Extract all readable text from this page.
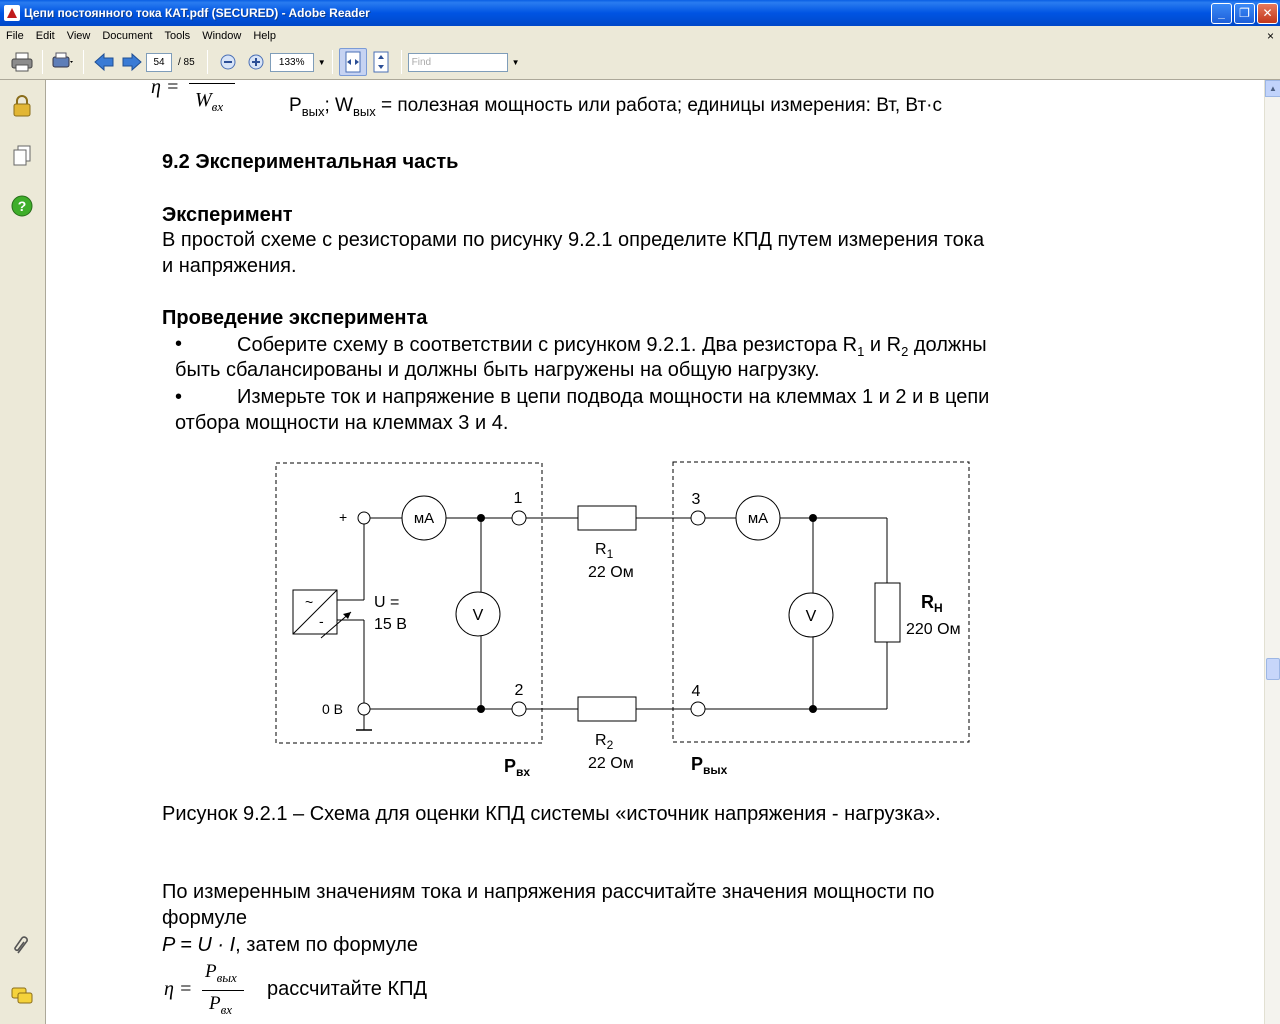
Цепи постоянного тока КАТ.pdf (SECURED) - Adobe Reader	_	❐	✕
File	Edit	View	Document	Tools	Window	Help	×
54	/ 85	133%	▼	Find	▼
?
η =
$W_{вх}$	$P_{вых}$; $W_{вых}$ = полезная мощность или работа; единицы измерения: Вт, Вт·с
9.2 Экспериментальная часть
Эксперимент
В простой схеме с резисторами по рисунку 9.2.1 определите КПД путем измерения тока
и напряжения.
Проведение эксперимента
•	Соберите схему в соответствии с рисунком 9.2.1. Два резистора $R_1$ и $R_2$ должны
быть сбалансированы и должны быть нагружены на общую нагрузку.
•	Измерьте ток и напряжение в цепи подвода мощности на клеммах 1 и 2 и в цепи
отбора мощности на клеммах 3 и 4.
+	мА
1
~
-
U =
15 В
0 В
2
V
$R_1$
22 Ом
$R_2$
22 Ом
3
мА
4
V
$R_H$
220 Ом
$P_{вх}$	$P_{вых}$
Рисунок 9.2.1 – Схема для оценки КПД системы «источник напряжения - нагрузка».
По измеренным значениям тока и напряжения рассчитайте значения мощности по
формуле
P = U · I, затем по формуле
η =
$P_{вых}$
$P_{вх}$
рассчитайте КПД
▲
